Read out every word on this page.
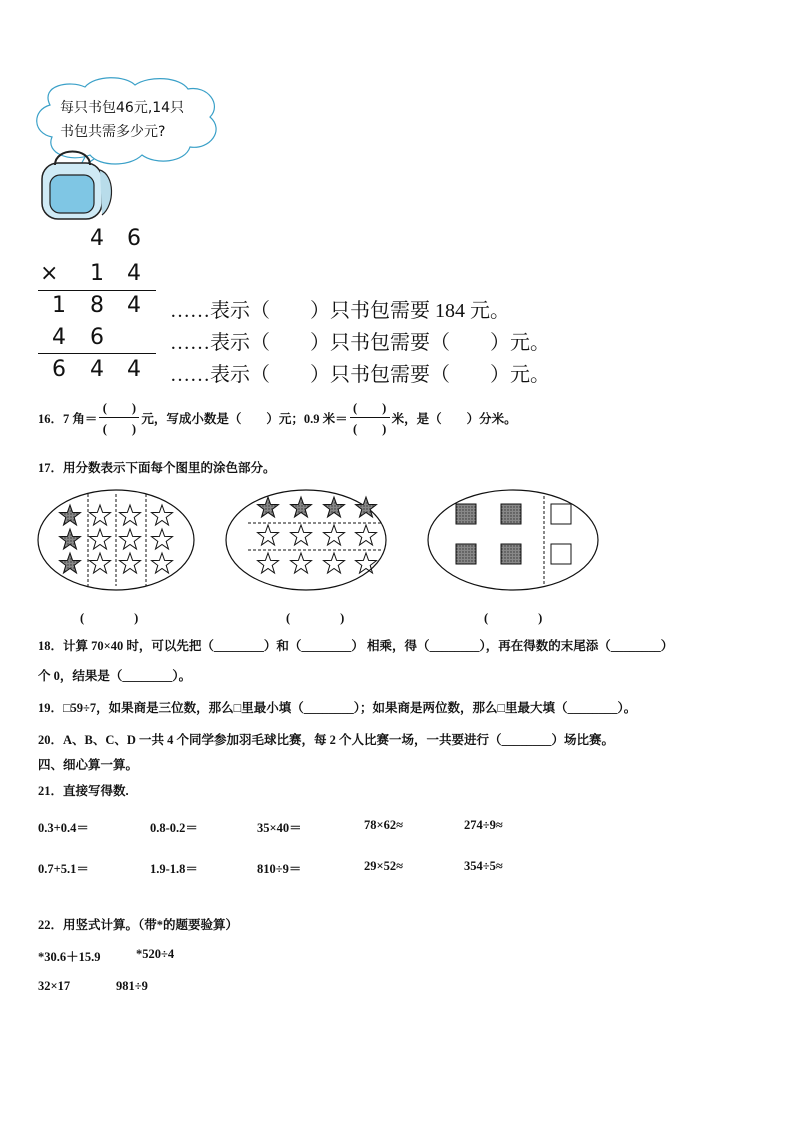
每只书包46元,14只
书包共需多少元?
4 6
× 1 4
1 8 4
4 6
6 4 4
……表示（　　）只书包需要 184 元。
……表示（　　）只书包需要（　　）元。
……表示（　　）只书包需要（　　）元。
16．7 角＝ $\frac{( )}{( )}$ 元，写成小数是（　　）元；0.9 米＝ $\frac{( )}{( )}$ 米，是（　　）分米。
17．用分数表示下面每个图里的涂色部分。
(　　　　)	(　　　　)	(　　　　)
18．计算 70×40 时，可以先把（________）和（________） 相乘，得（________），再在得数的末尾添（________）
个 0，结果是（________）。
19．□59÷7，如果商是三位数，那么□里最小填（________）；如果商是两位数，那么□里最大填（________）。
20．A、B、C、D 一共 4 个同学参加羽毛球比赛，每 2 个人比赛一场，一共要进行（________）场比赛。
四、细心算一算。
21．直接写得数.
0.3+0.4＝	0.8-0.2＝	35×40＝	78×62≈	274÷9≈
0.7+5.1＝	1.9-1.8＝	810÷9＝	29×52≈	354÷5≈
22．用竖式计算。（带*的题要验算）
*30.6＋15.9	*520÷4
32×17	981÷9
